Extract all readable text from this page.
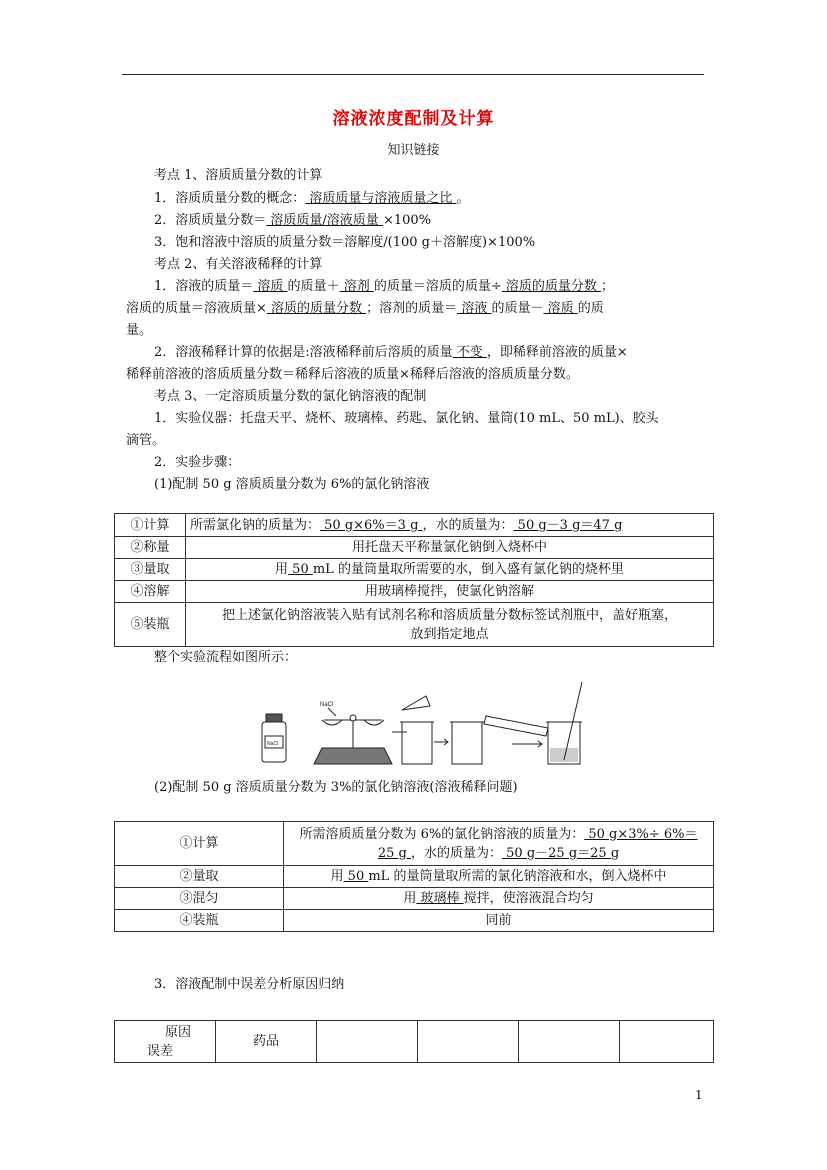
溶液浓度配制及计算
知识链接
考点 1、溶质质量分数的计算
1．溶质质量分数的概念： 溶质质量与溶液质量之比 。
2．溶质质量分数＝ 溶质质量/溶液质量 ×100%
3．饱和溶液中溶质的质量分数＝溶解度/(100 g＋溶解度)×100%
考点 2、有关溶液稀释的计算
1．溶液的质量＝ 溶质 的质量＋ 溶剂 的质量＝溶质的质量÷ 溶质的质量分数 ；
溶质的质量＝溶液质量× 溶质的质量分数 ；溶剂的质量＝ 溶液 的质量－ 溶质 的质
量。
2．溶液稀释计算的依据是:溶液稀释前后溶质的质量 不变 ，即稀释前溶液的质量×
稀释前溶液的溶质质量分数＝稀释后溶液的质量×稀释后溶液的溶质质量分数。
考点 3、一定溶质质量分数的氯化钠溶液的配制
1．实验仪器：托盘天平、烧杯、玻璃棒、药匙、氯化钠、量筒(10 mL、50 mL)、胶头
滴管。
2．实验步骤：
(1)配制 50 g 溶质质量分数为 6%的氯化钠溶液
①计算	所需氯化钠的质量为： 50 g×6%＝3 g ，水的质量为： 50 g－3 g＝47 g
②称量	用托盘天平称量氯化钠倒入烧杯中
③量取	用 50 mL 的量筒量取所需要的水，倒入盛有氯化钠的烧杯里
④溶解	用玻璃棒搅拌，使氯化钠溶解
⑤装瓶	把上述氯化钠溶液装入贴有试剂名称和溶质质量分数标签试剂瓶中，盖好瓶塞，
放到指定地点
整个实验流程如图所示：
NaCl
NaCl
(2)配制 50 g 溶质质量分数为 3%的氯化钠溶液(溶液稀释问题)
①计算	所需溶质质量分数为 6%的氯化钠溶液的质量为： 50 g×3%÷ 6%＝
25 g ，水的质量为： 50 g－25 g＝25 g

②量取	用 50 mL 的量筒量取所需的氯化钠溶液和水，倒入烧杯中
③混匀	用 玻璃棒 搅拌，使溶液混合均匀
④装瓶	同前
3．溶液配制中误差分析原因归纳
原因
误差
	药品				
1
